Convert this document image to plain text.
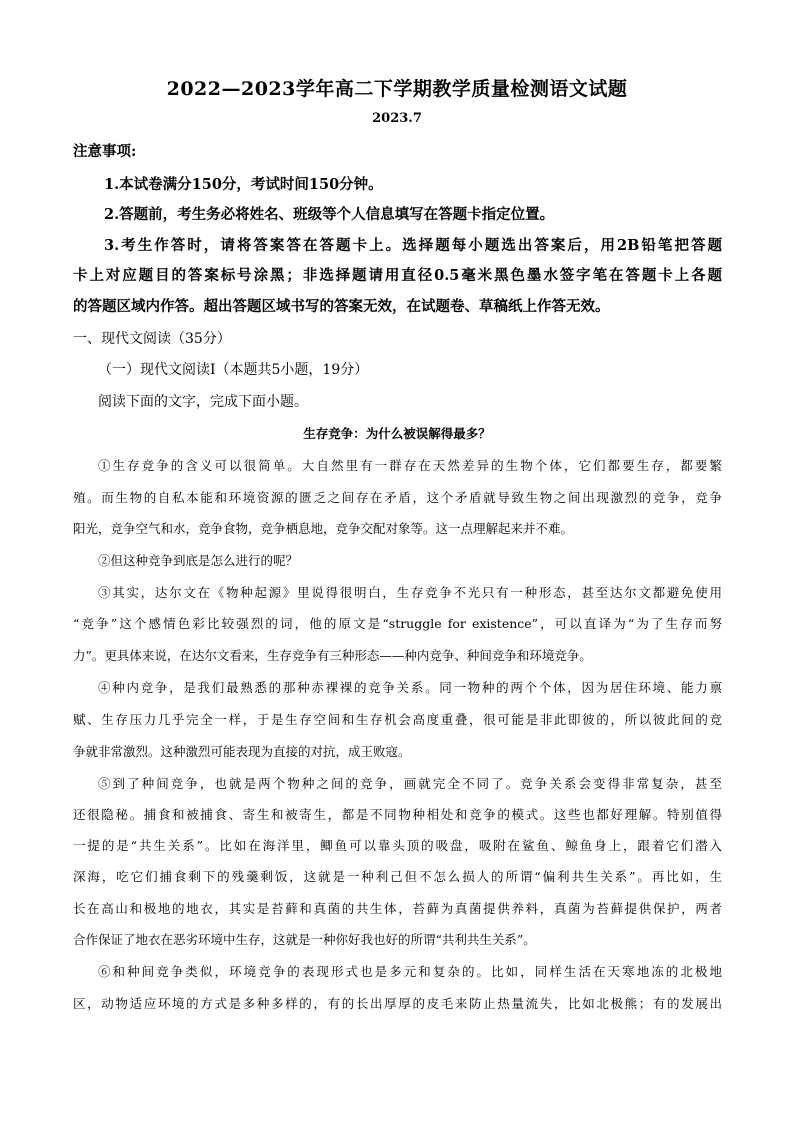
2022—2023学年高二下学期教学质量检测语文试题
2023.7
注意事项:
1.本试卷满分150分，考试时间150分钟。
2.答题前，考生务必将姓名、班级等个人信息填写在答题卡指定位置。
3.考生作答时，请将答案答在答题卡上。选择题每小题选出答案后，用2B铅笔把答题
卡上对应题目的答案标号涂黑；非选择题请用直径0.5毫米黑色墨水签字笔在答题卡上各题
的答题区域内作答。超出答题区域书写的答案无效，在试题卷、草稿纸上作答无效。
一、现代文阅读（35分）
（一）现代文阅读Ⅰ（本题共5小题，19分）
阅读下面的文字，完成下面小题。
生存竞争：为什么被误解得最多？
①生存竞争的含义可以很简单。大自然里有一群存在天然差异的生物个体，它们都要生存，都要繁
殖。而生物的自私本能和环境资源的匮乏之间存在矛盾，这个矛盾就导致生物之间出现激烈的竞争，竞争
阳光，竞争空气和水，竞争食物，竞争栖息地，竞争交配对象等。这一点理解起来并不难。
②但这种竞争到底是怎么进行的呢？
③其实，达尔文在《物种起源》里说得很明白，生存竞争不光只有一种形态，甚至达尔文都避免使用
“竞争”这个感情色彩比较强烈的词，他的原文是“struggle for existence”，可以直译为“为了生存而努
力”。更具体来说，在达尔文看来，生存竞争有三种形态——种内竞争、种间竞争和环境竞争。
④种内竞争，是我们最熟悉的那种赤裸裸的竞争关系。同一物种的两个个体，因为居住环境、能力禀
赋、生存压力几乎完全一样，于是生存空间和生存机会高度重叠，很可能是非此即彼的，所以彼此间的竞
争就非常激烈。这种激烈可能表现为直接的对抗，成王败寇。
⑤到了种间竞争，也就是两个物种之间的竞争，画就完全不同了。竞争关系会变得非常复杂，甚至
还很隐秘。捕食和被捕食、寄生和被寄生，都是不同物种相处和竞争的模式。这些也都好理解。特别值得
一提的是“共生关系”。比如在海洋里，鲫鱼可以靠头顶的吸盘，吸附在鲨鱼、鲸鱼身上，跟着它们潜入
深海，吃它们捕食剩下的残羹剩饭，这就是一种利己但不怎么损人的所谓“偏利共生关系”。再比如，生
长在高山和极地的地衣，其实是苔藓和真菌的共生体，苔藓为真菌提供养料，真菌为苔藓提供保护，两者
合作保证了地衣在恶劣环境中生存，这就是一种你好我也好的所谓“共利共生关系”。
⑥和种间竞争类似，环境竞争的表现形式也是多元和复杂的。比如，同样生活在天寒地冻的北极地
区，动物适应环境的方式是多种多样的，有的长出厚厚的皮毛来防止热量流失，比如北极熊；有的发展出
